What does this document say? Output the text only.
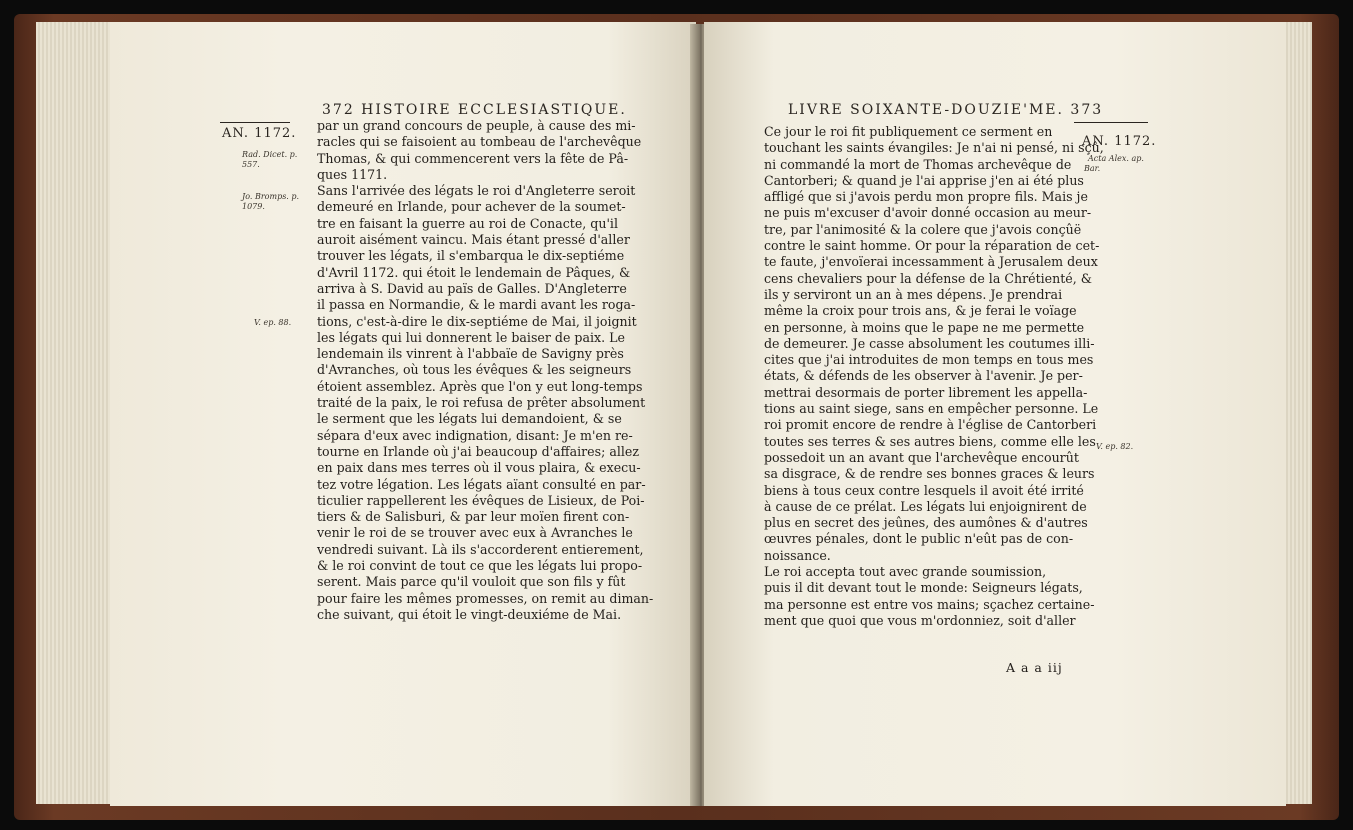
372 HISTOIRE ECCLESIASTIQUE.
AN. 1172.
Rad. Dicet. p.
557.
Jo. Bromps. p.
1079.
V. ep. 88.
par un grand concours de peuple, à cause des mi-
racles qui se faisoient au tombeau de l'archevêque
Thomas, & qui commencerent vers la fête de Pâ-
ques 1171.
Sans l'arrivée des légats le roi d'Angleterre seroit
demeuré en Irlande, pour achever de la soumet-
tre en faisant la guerre au roi de Conacte, qu'il
auroit aisément vaincu. Mais étant pressé d'aller
trouver les légats, il s'embarqua le dix-septiéme
d'Avril 1172. qui étoit le lendemain de Pâques, &
arriva à S. David au païs de Galles. D'Angleterre
il passa en Normandie, & le mardi avant les roga-
tions, c'est-à-dire le dix-septiéme de Mai, il joignit
les légats qui lui donnerent le baiser de paix. Le
lendemain ils vinrent à l'abbaïe de Savigny près
d'Avranches, où tous les évêques & les seigneurs
étoient assemblez. Après que l'on y eut long-temps
traité de la paix, le roi refusa de prêter absolument
le serment que les légats lui demandoient, & se
sépara d'eux avec indignation, disant: Je m'en re-
tourne en Irlande où j'ai beaucoup d'affaires; allez
en paix dans mes terres où il vous plaira, & execu-
tez votre légation. Les légats aïant consulté en par-
ticulier rappellerent les évêques de Lisieux, de Poi-
tiers & de Salisburi, & par leur moïen firent con-
venir le roi de se trouver avec eux à Avranches le
vendredi suivant. Là ils s'accorderent entierement,
& le roi convint de tout ce que les légats lui propo-
serent. Mais parce qu'il vouloit que son fils y fût
pour faire les mêmes promesses, on remit au diman-
che suivant, qui étoit le vingt-deuxiéme de Mai.
LIVRE SOIXANTE-DOUZIE'ME. 373
AN. 1172.
Acta Alex. ap.
Bar.
V. ep. 82.
Ce jour le roi fit publiquement ce serment en
touchant les saints évangiles: Je n'ai ni pensé, ni sçû,
ni commandé la mort de Thomas archevêque de
Cantorberi; & quand je l'ai apprise j'en ai été plus
affligé que si j'avois perdu mon propre fils. Mais je
ne puis m'excuser d'avoir donné occasion au meur-
tre, par l'animosité & la colere que j'avois conçûë
contre le saint homme. Or pour la réparation de cet-
te faute, j'envoïerai incessamment à Jerusalem deux
cens chevaliers pour la défense de la Chrétienté, &
ils y serviront un an à mes dépens. Je prendrai
même la croix pour trois ans, & je ferai le voïage
en personne, à moins que le pape ne me permette
de demeurer. Je casse absolument les coutumes illi-
cites que j'ai introduites de mon temps en tous mes
états, & défends de les observer à l'avenir. Je per-
mettrai desormais de porter librement les appella-
tions au saint siege, sans en empêcher personne. Le
roi promit encore de rendre à l'église de Cantorberi
toutes ses terres & ses autres biens, comme elle les
possedoit un an avant que l'archevêque encourût
sa disgrace, & de rendre ses bonnes graces & leurs
biens à tous ceux contre lesquels il avoit été irrité
à cause de ce prélat. Les légats lui enjoignirent de
plus en secret des jeûnes, des aumônes & d'autres
œuvres pénales, dont le public n'eût pas de con-
noissance.
Le roi accepta tout avec grande soumission,
puis il dit devant tout le monde: Seigneurs légats,
ma personne est entre vos mains; sçachez certaine-
ment que quoi que vous m'ordonniez, soit d'aller
A a a iij
